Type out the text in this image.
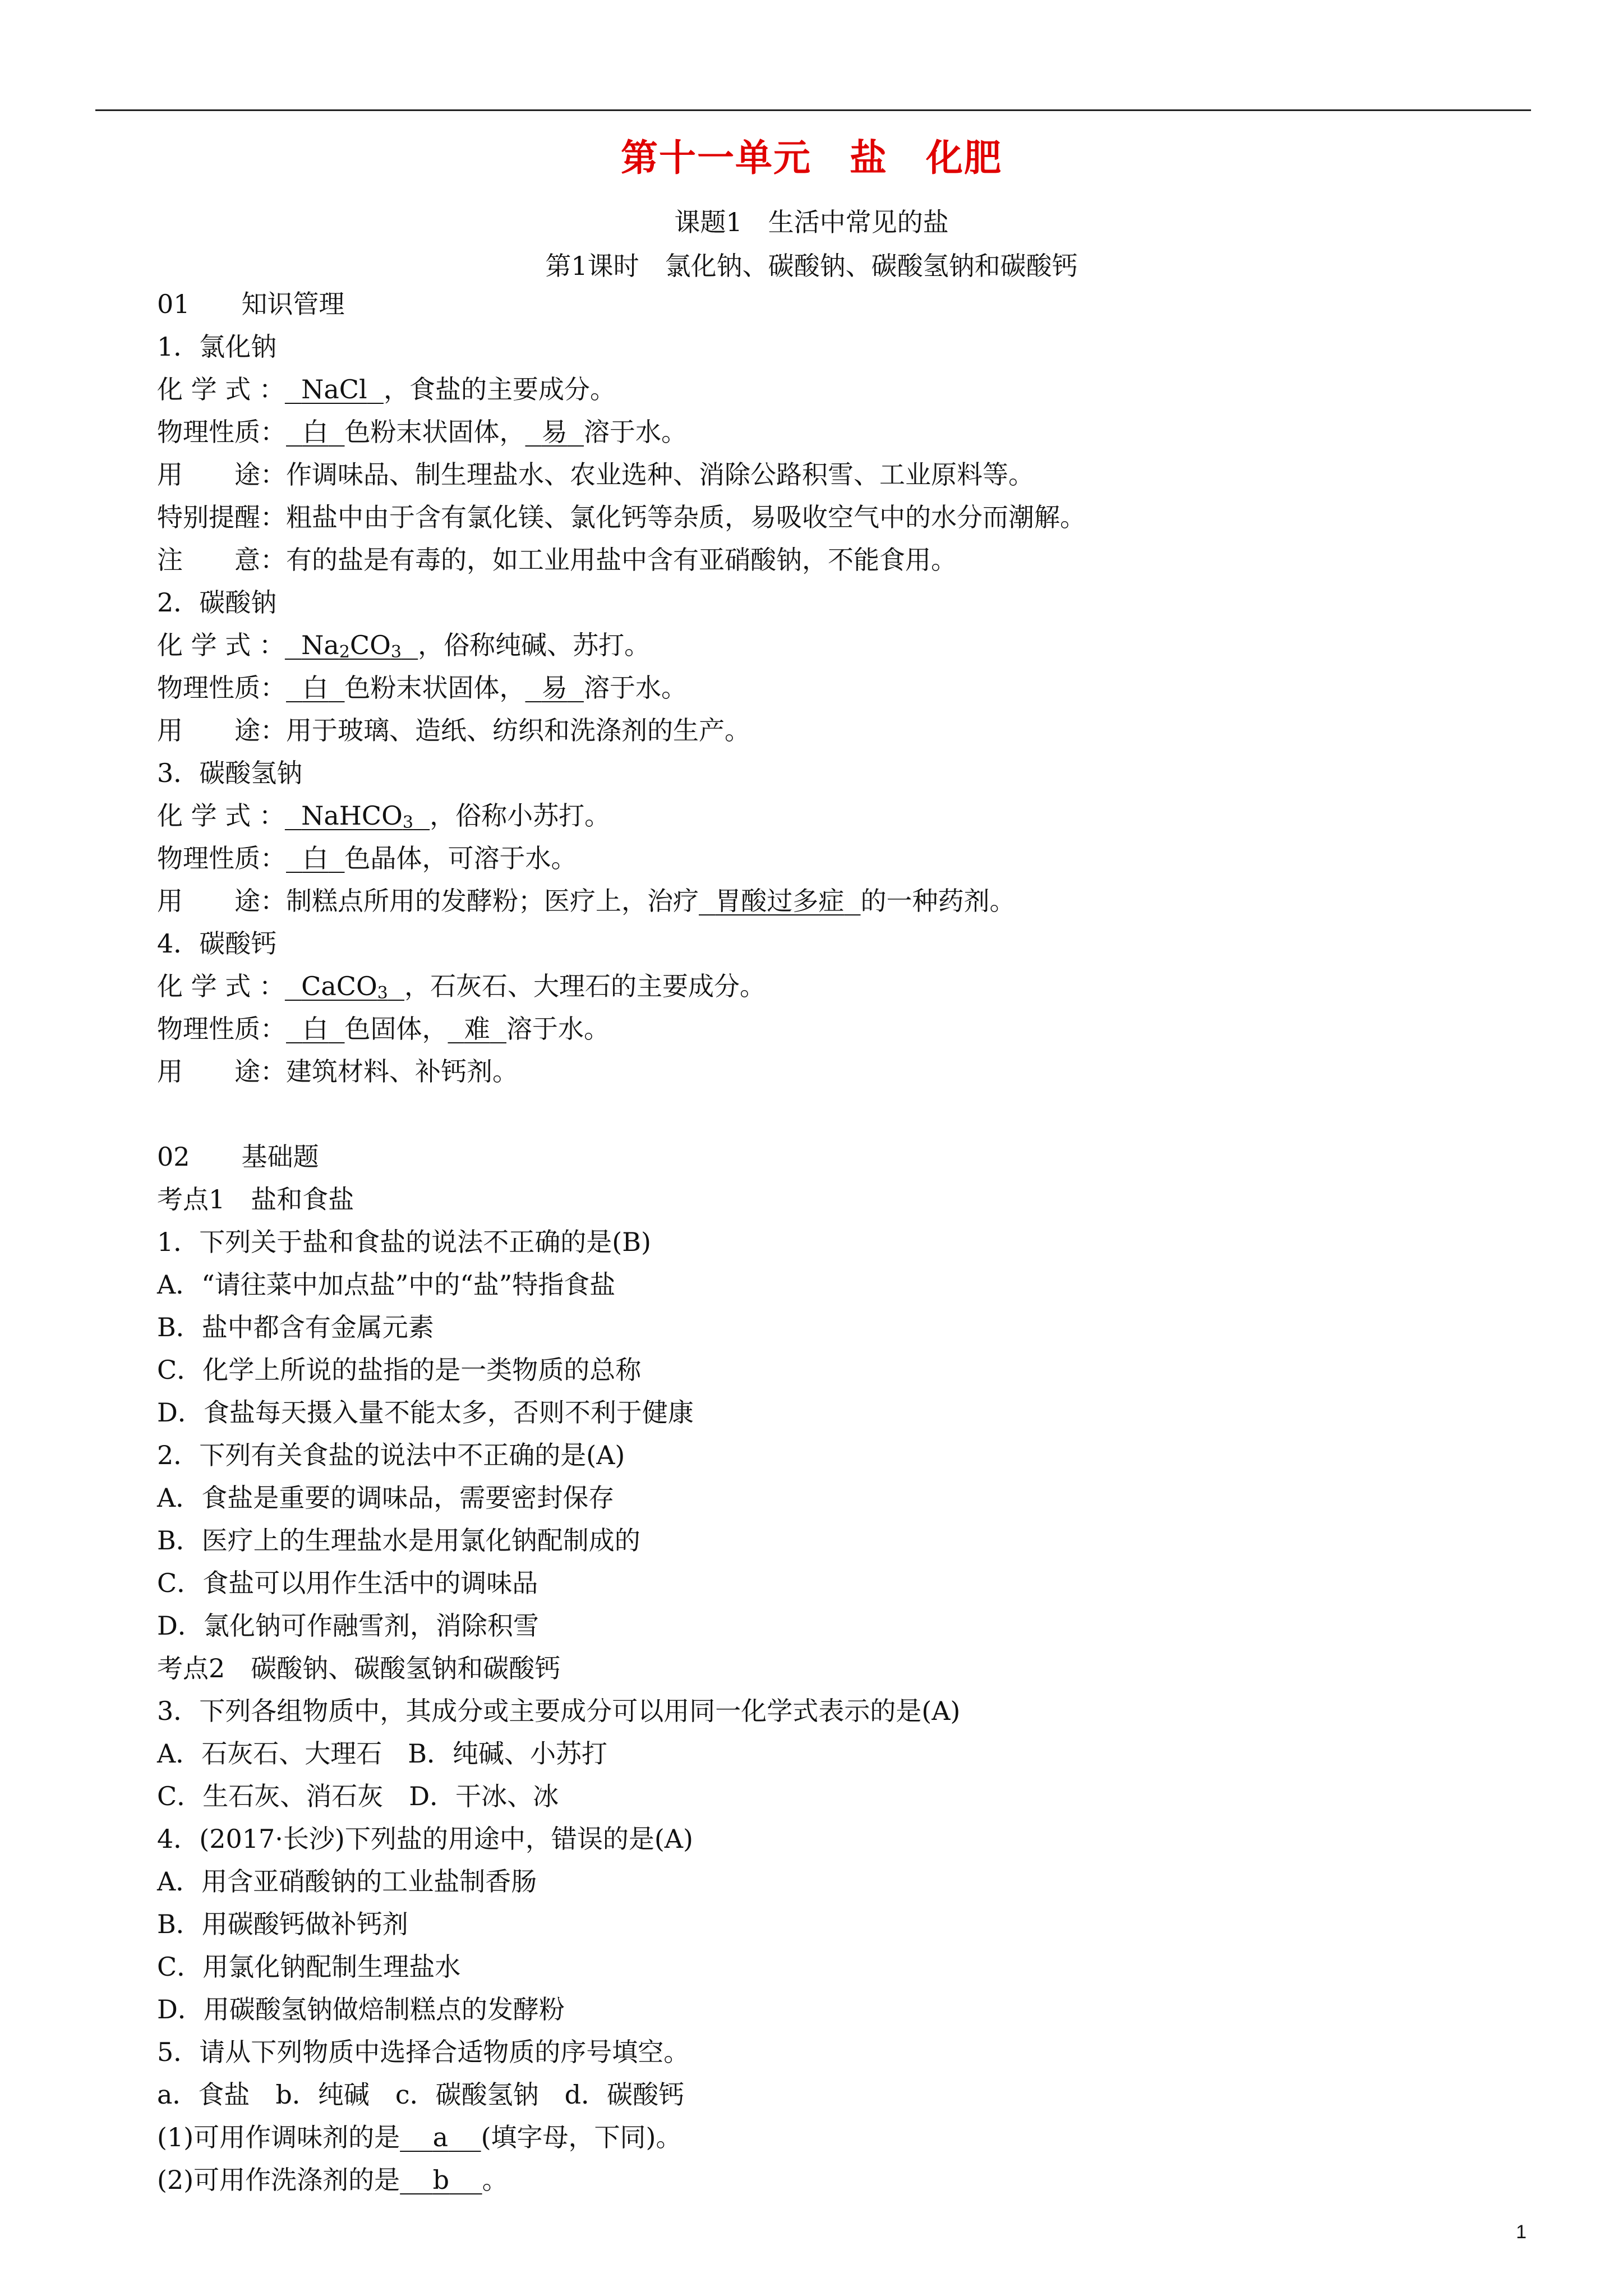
第十一单元　盐　化肥
课题1　生活中常见的盐
第1课时　氯化钠、碳酸钠、碳酸氢钠和碳酸钙
01　　知识管理
1．氯化钠
化 学 式 ： NaCl ，食盐的主要成分。
物理性质： 白 色粉末状固体， 易 溶于水。
用　　途：作调味品、制生理盐水、农业选种、消除公路积雪、工业原料等。
特别提醒：粗盐中由于含有氯化镁、氯化钙等杂质，易吸收空气中的水分而潮解。
注　　意：有的盐是有毒的，如工业用盐中含有亚硝酸钠，不能食用。
2．碳酸钠
化 学 式 ： $Na_2CO_3$ ，俗称纯碱、苏打。
物理性质： 白 色粉末状固体， 易 溶于水。
用　　途：用于玻璃、造纸、纺织和洗涤剂的生产。
3．碳酸氢钠
化 学 式 ： NaHCO$_3$ ，俗称小苏打。
物理性质： 白 色晶体，可溶于水。
用　　途：制糕点所用的发酵粉；医疗上，治疗 胃酸过多症 的一种药剂。
4．碳酸钙
化 学 式 ： CaCO$_3$ ，石灰石、大理石的主要成分。
物理性质： 白 色固体， 难 溶于水。
用　　途：建筑材料、补钙剂。
02　　基础题
考点1　盐和食盐
1．下列关于盐和食盐的说法不正确的是(B)
A．“请往菜中加点盐”中的“盐”特指食盐
B．盐中都含有金属元素
C．化学上所说的盐指的是一类物质的总称
D．食盐每天摄入量不能太多，否则不利于健康
2．下列有关食盐的说法中不正确的是(A)
A．食盐是重要的调味品，需要密封保存
B．医疗上的生理盐水是用氯化钠配制成的
C．食盐可以用作生活中的调味品
D．氯化钠可作融雪剂，消除积雪
考点2　碳酸钠、碳酸氢钠和碳酸钙
3．下列各组物质中，其成分或主要成分可以用同一化学式表示的是(A)
A．石灰石、大理石　B．纯碱、小苏打
C．生石灰、消石灰　D．干冰、冰
4．(2017·长沙)下列盐的用途中，错误的是(A)
A．用含亚硝酸钠的工业盐制香肠
B．用碳酸钙做补钙剂
C．用氯化钠配制生理盐水
D．用碳酸氢钠做焙制糕点的发酵粉
5．请从下列物质中选择合适物质的序号填空。
a．食盐　b．纯碱　c．碳酸氢钠　d．碳酸钙
(1)可用作调味剂的是 a (填字母，下同)。
(2)可用作洗涤剂的是 b 。
1
